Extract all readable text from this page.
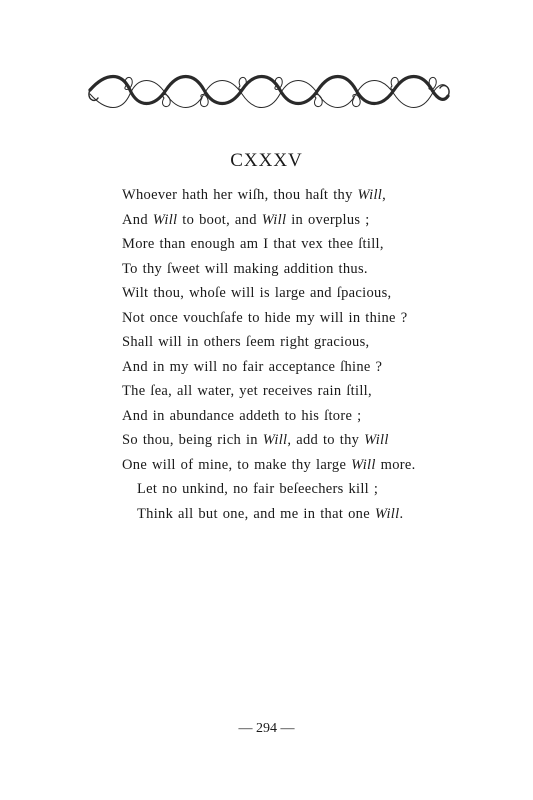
CXXXV
Whoever hath her wiſh, thou haſt thy Will,
And Will to boot, and Will in overplus ;
More than enough am I that vex thee ſtill,
To thy ſweet will making addition thus.
Wilt thou, whoſe will is large and ſpacious,
Not once vouchſafe to hide my will in thine ?
Shall will in others ſeem right gracious,
And in my will no fair acceptance ſhine ?
The ſea, all water, yet receives rain ſtill,
And in abundance addeth to his ſtore ;
So thou, being rich in Will, add to thy Will
One will of mine, to make thy large Will more.
Let no unkind, no fair beſeechers kill ;
Think all but one, and me in that one Will.
— 294 —
